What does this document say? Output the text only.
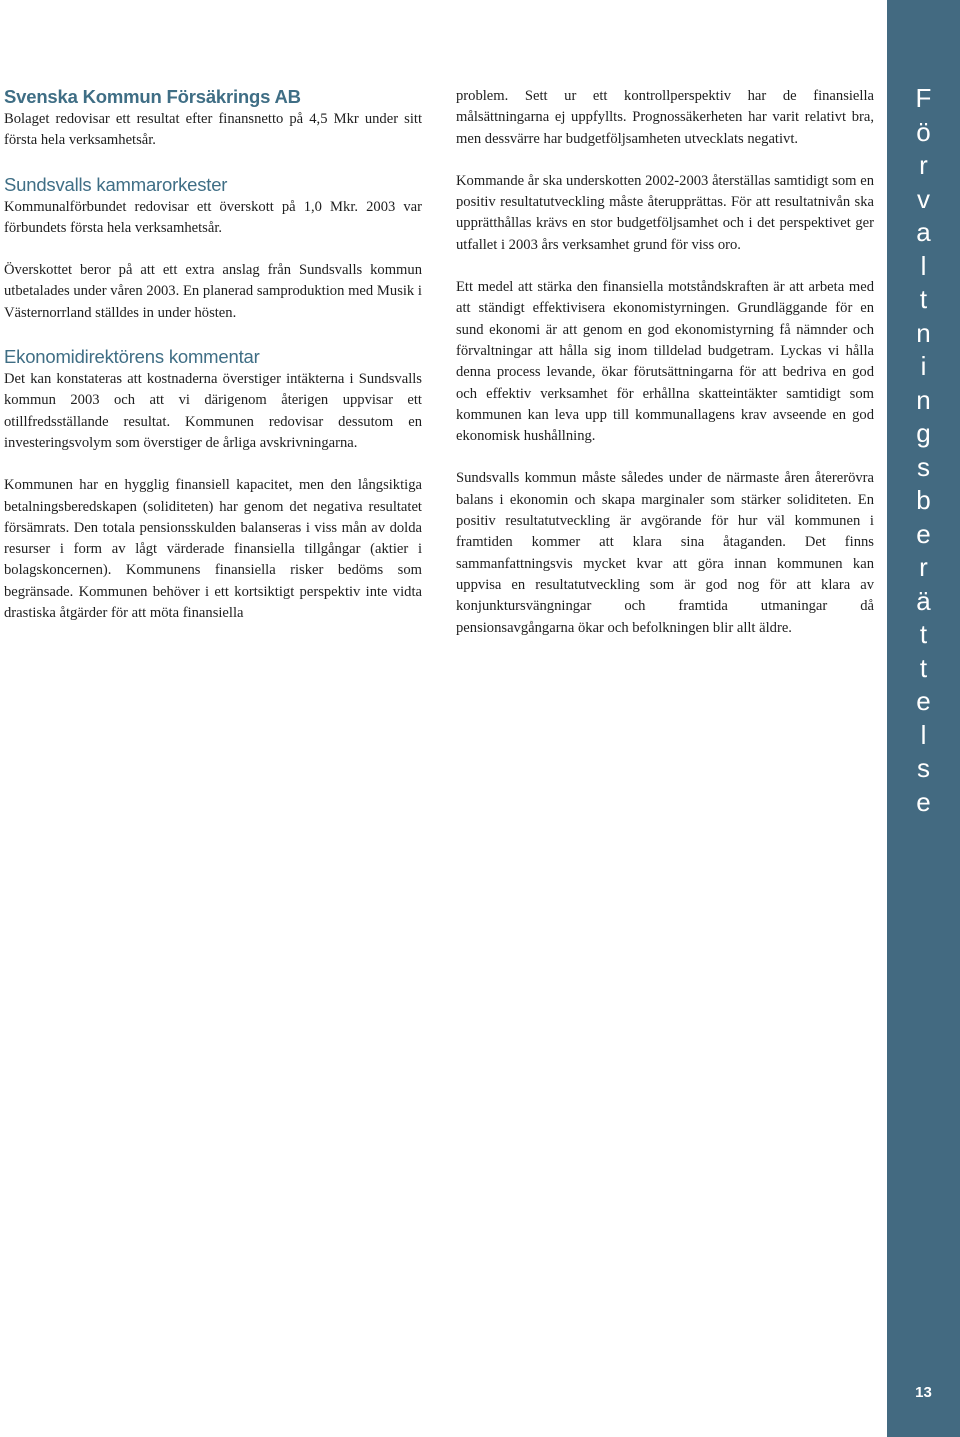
Svenska Kommun Försäkrings AB

Bolaget redovisar ett resultat efter finansnetto på 4,5 Mkr under sitt första hela verksamhetsår.

Sundsvalls kammarorkester

Kommunalförbundet redovisar ett överskott på 1,0 Mkr. 2003 var förbundets första hela verksamhetsår.

Överskottet beror på att ett extra anslag från Sundsvalls kommun utbetalades under våren 2003. En planerad samproduktion med Musik i Västernorrland ställdes in under hösten.

Ekonomidirektörens kommentar

Det kan konstateras att kostnaderna överstiger intäkterna i Sundsvalls kommun 2003 och att vi därigenom återigen uppvisar ett otillfredsställande resultat. Kommunen redovisar dessutom en investeringsvolym som överstiger de årliga avskrivningarna.

Kommunen har en hygglig finansiell kapacitet, men den långsiktiga betalningsberedskapen (soliditeten) har genom det negativa resultatet försämrats. Den totala pensionsskulden balanseras i viss mån av dolda resurser i form av lågt värderade finansiella tillgångar (aktier i bolagskoncernen). Kommunens finansiella risker bedöms som begränsade. Kommunen behöver i ett kortsiktigt perspektiv inte vidta drastiska åtgärder för att möta finansiella

problem. Sett ur ett kontrollperspektiv har de finansiella målsättningarna ej uppfyllts. Prognossäkerheten har varit relativt bra, men dessvärre har budgetföljsamheten utvecklats negativt.

Kommande år ska underskotten 2002-2003 återställas samtidigt som en positiv resultatutveckling måste återupprättas. För att resultatnivån ska upprätthållas krävs en stor budgetföljsamhet och i det perspektivet ger utfallet i 2003 års verksamhet grund för viss oro.

Ett medel att stärka den finansiella motståndskraften är att arbeta med att ständigt effektivisera ekonomistyrningen. Grundläggande för en sund ekonomi är att genom en god ekonomistyrning få nämnder och förvaltningar att hålla sig inom tilldelad budgetram. Lyckas vi hålla denna process levande, ökar förutsättningarna för att bedriva en god och effektiv verksamhet för erhållna skatteintäkter samtidigt som kommunen kan leva upp till kommunallagens krav avseende en god ekonomisk hushållning.

Sundsvalls kommun måste således under de närmaste åren återerövra balans i ekonomin och skapa marginaler som stärker soliditeten. En positiv resultatutveckling är avgörande för hur väl kommunen i framtiden kommer att klara sina åtaganden. Det finns sammanfattningsvis mycket kvar att göra innan kommunen kan uppvisa en resultatutveckling som är god nog för att klara av konjunktursvängningar och framtida utmaningar då pensionsavgångarna ökar och befolkningen blir allt äldre.

F
ö
r
v
a
l
t
n
i
n
g
s
b
e
r
ä
t
t
e
l
s
e
13
